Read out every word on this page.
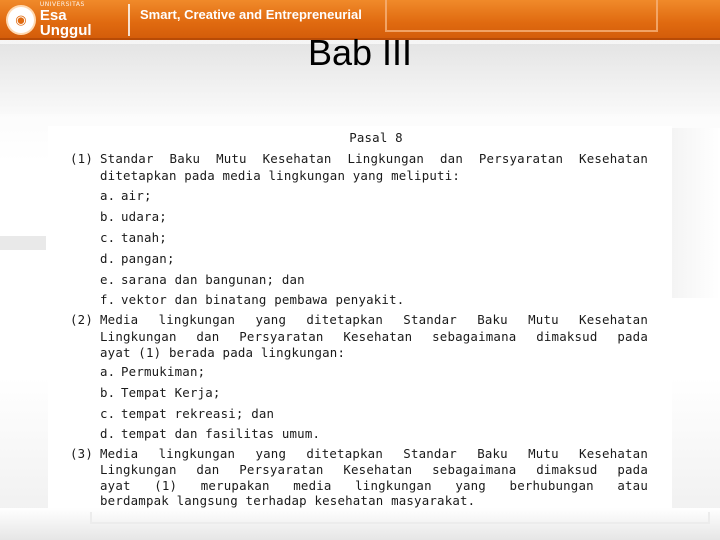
◉
UNIVERSITAS
Esa Unggul
Smart, Creative and Entrepreneurial
Bab III
Pasal 8
(1) Standar Baku Mutu Kesehatan Lingkungan dan Persyaratan Kesehatan
ditetapkan pada media lingkungan yang meliputi:
a. air;
b. udara;
c. tanah;
d. pangan;
e. sarana dan bangunan; dan
f. vektor dan binatang pembawa penyakit.
(2) Media lingkungan yang ditetapkan Standar Baku Mutu Kesehatan
Lingkungan dan Persyaratan Kesehatan sebagaimana dimaksud pada
ayat (1) berada pada lingkungan:
a. Permukiman;
b. Tempat Kerja;
c. tempat rekreasi; dan
d. tempat dan fasilitas umum.
(3) Media lingkungan yang ditetapkan Standar Baku Mutu Kesehatan
Lingkungan dan Persyaratan Kesehatan sebagaimana dimaksud pada
ayat (1) merupakan media lingkungan yang berhubungan atau
berdampak langsung terhadap kesehatan masyarakat.
